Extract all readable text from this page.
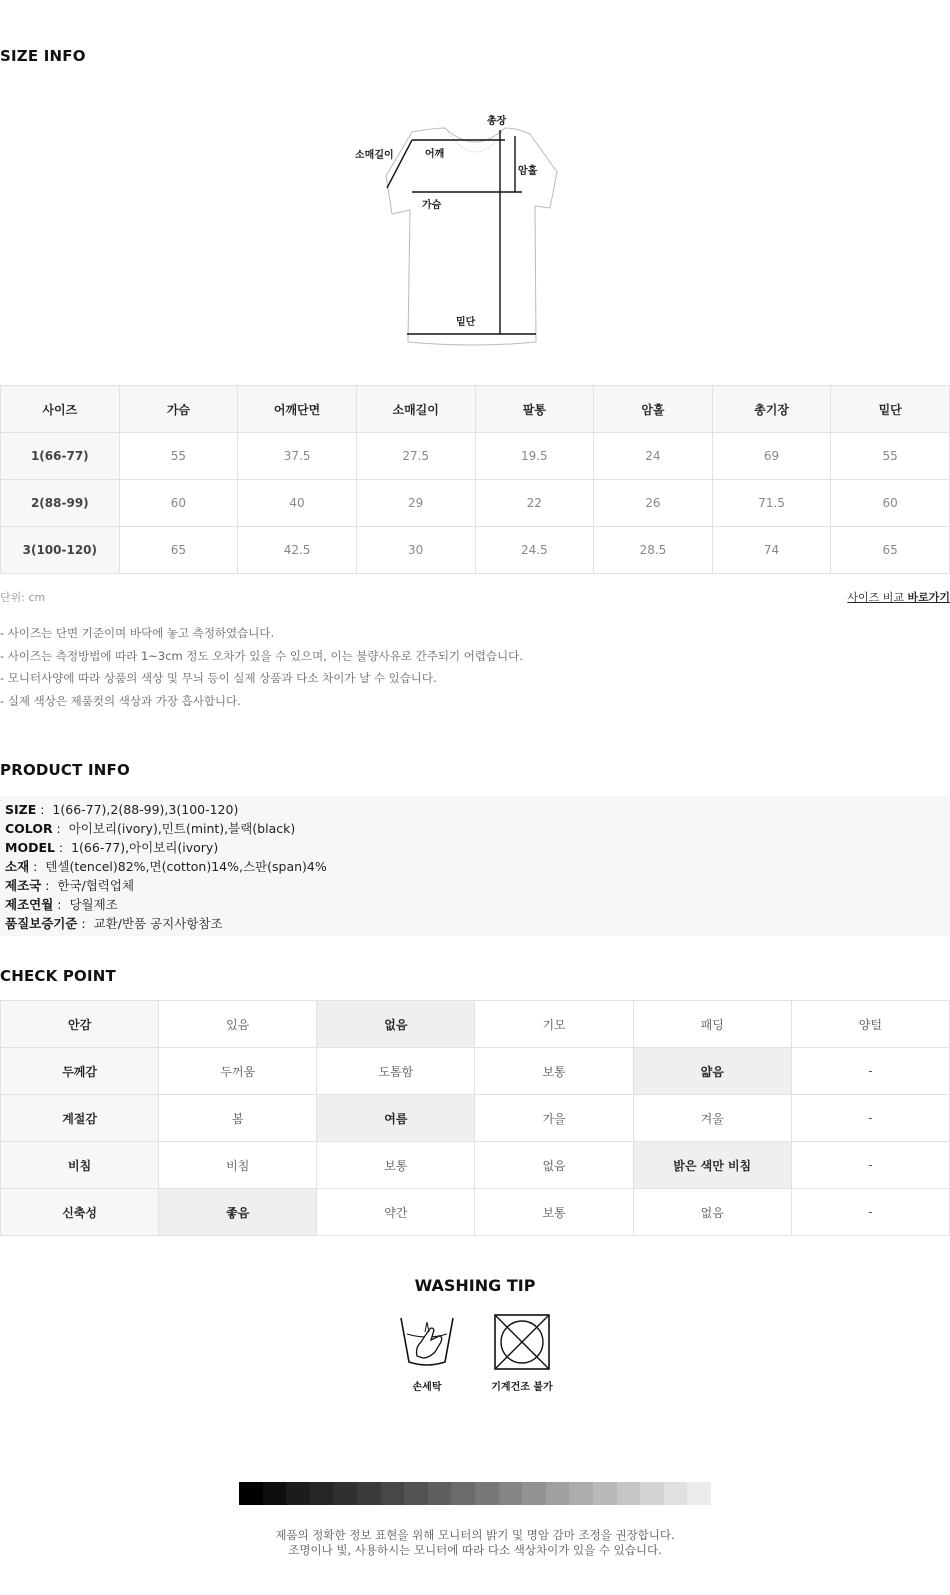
SIZE INFO
총장
소매길이	어깨
암홀
가슴
밑단
사이즈	가슴	어깨단면	소매길이	팔통	암홀	총기장	밑단
1(66-77)	55	37.5	27.5	19.5	24	69	55
2(88-99)	60	40	29	22	26	71.5	60
3(100-120)	65	42.5	30	24.5	28.5	74	65
단위: cm	사이즈 비교 바로가기
- 사이즈는 단면 기준이며 바닥에 놓고 측정하였습니다.
- 사이즈는 측정방법에 따라 1~3cm 정도 오차가 있을 수 있으며, 이는 불량사유로 간주되기 어렵습니다.
- 모니터사양에 따라 상품의 색상 및 무늬 등이 실제 상품과 다소 차이가 날 수 있습니다.
- 실제 색상은 제품컷의 색상과 가장 흡사합니다.
PRODUCT INFO
SIZE :  1(66-77),2(88-99),3(100-120)
COLOR :  아이보리(ivory),민트(mint),블랙(black)
MODEL :  1(66-77),아이보리(ivory)
소재 :  텐셀(tencel)82%,면(cotton)14%,스판(span)4%
제조국 :  한국/협력업체
제조연월 :  당월제조
품질보증기준 :  교환/반품 공지사항참조
CHECK POINT
안감	있음	없음	기모	패딩	양털
두께감	두꺼움	도톰함	보통	얇음	-
계절감	봄	여름	가을	겨울	-
비침	비침	보통	없음	밝은 색만 비침	-
신축성	좋음	약간	보통	없음	-
WASHING TIP
손세탁	기계건조 불가
제품의 정확한 정보 표현을 위해 모니터의 밝기 및 명암 감마 조정을 권장합니다.
조명이나 빛, 사용하시는 모니터에 따라 다소 색상차이가 있을 수 있습니다.
